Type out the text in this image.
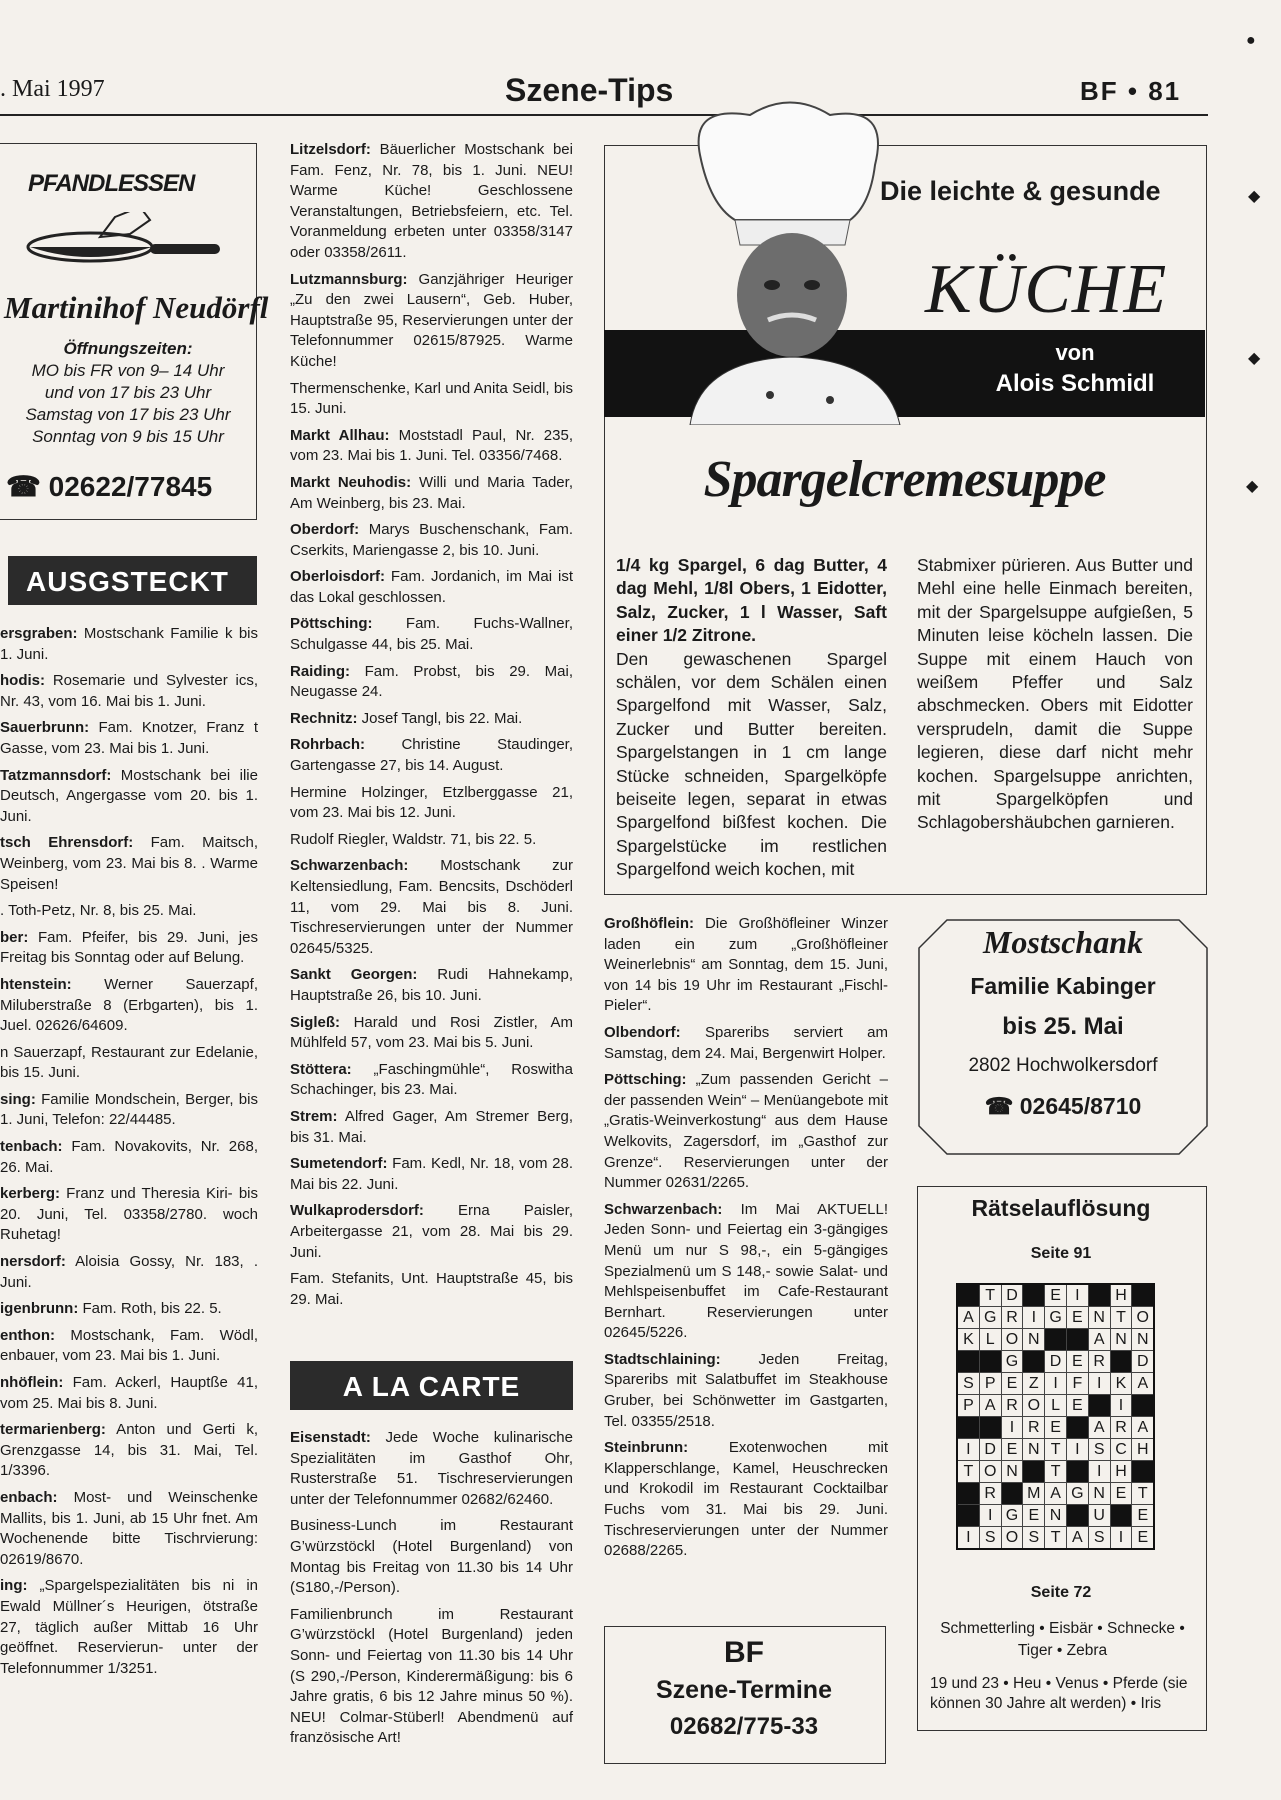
. Mai 1997	Szene-Tips	BF • 81
PFANDLESSEN
Martinihof Neudörfl
Öffnungszeiten:
MO bis FR von 9– 14 Uhr
und von 17 bis 23 Uhr
Samstag von 17 bis 23 Uhr
Sonntag von 9 bis 15 Uhr
☎ 02622/77845
AUSGSTECKT

ersgraben: Mostschank Familie k bis 1. Juni.

hodis: Rosemarie und Sylvester ics, Nr. 43, vom 16. Mai bis 1. Juni.

Sauerbrunn: Fam. Knotzer, Franz t Gasse, vom 23. Mai bis 1. Juni.

Tatzmannsdorf: Mostschank bei ilie Deutsch, Angergasse vom 20. bis 1. Juni.

tsch Ehrensdorf: Fam. Maitsch, Weinberg, vom 23. Mai bis 8. . Warme Speisen!

. Toth-Petz, Nr. 8, bis 25. Mai.

ber: Fam. Pfeifer, bis 29. Juni, jes Freitag bis Sonntag oder auf Belung.

htenstein: Werner Sauerzapf, Miluberstraße 8 (Erbgarten), bis 1. Juel. 02626/64609.

n Sauerzapf, Restaurant zur Edelanie, bis 15. Juni.

sing: Familie Mondschein, Berger, bis 1. Juni, Telefon: 22/44485.

tenbach: Fam. Novakovits, Nr. 268, 26. Mai.

kerberg: Franz und Theresia Kiri- bis 20. Juni, Tel. 03358/2780. woch Ruhetag!

nersdorf: Aloisia Gossy, Nr. 183, . Juni.

igenbrunn: Fam. Roth, bis 22. 5.

enthon: Mostschank, Fam. Wödl, enbauer, vom 23. Mai bis 1. Juni.

nhöflein: Fam. Ackerl, Hauptße 41, vom 25. Mai bis 8. Juni.

termarienberg: Anton und Gerti k, Grenzgasse 14, bis 31. Mai, Tel. 1/3396.

enbach: Most- und Weinschenke Mallits, bis 1. Juni, ab 15 Uhr fnet. Am Wochenende bitte Tischrvierung: 02619/8670.

ing: „Spargelspezialitäten bis ni in Ewald Müllner´s Heurigen, ötstraße 27, täglich außer Mittab 16 Uhr geöffnet. Reservierun- unter der Telefonnummer 1/3251.

Litzelsdorf: Bäuerlicher Mostschank bei Fam. Fenz, Nr. 78, bis 1. Juni. NEU! Warme Küche! Geschlossene Veranstaltungen, Betriebsfeiern, etc. Tel. Voranmeldung erbeten unter 03358/3147 oder 03358/2611.

Lutzmannsburg: Ganzjähriger Heuriger „Zu den zwei Lausern“, Geb. Huber, Hauptstraße 95, Reservierungen unter der Telefonnummer 02615/87925. Warme Küche!

Thermenschenke, Karl und Anita Seidl, bis 15. Juni.

Markt Allhau: Moststadl Paul, Nr. 235, vom 23. Mai bis 1. Juni. Tel. 03356/7468.

Markt Neuhodis: Willi und Maria Tader, Am Weinberg, bis 23. Mai.

Oberdorf: Marys Buschenschank, Fam. Cserkits, Mariengasse 2, bis 10. Juni.

Oberloisdorf: Fam. Jordanich, im Mai ist das Lokal geschlossen.

Pöttsching: Fam. Fuchs-Wallner, Schulgasse 44, bis 25. Mai.

Raiding: Fam. Probst, bis 29. Mai, Neugasse 24.

Rechnitz: Josef Tangl, bis 22. Mai.

Rohrbach: Christine Staudinger, Gartengasse 27, bis 14. August.

Hermine Holzinger, Etzlberggasse 21, vom 23. Mai bis 12. Juni.

Rudolf Riegler, Waldstr. 71, bis 22. 5.

Schwarzenbach: Mostschank zur Keltensiedlung, Fam. Bencsits, Dschöderl 11, vom 29. Mai bis 8. Juni. Tischreservierungen unter der Nummer 02645/5325.

Sankt Georgen: Rudi Hahnekamp, Hauptstraße 26, bis 10. Juni.

Sigleß: Harald und Rosi Zistler, Am Mühlfeld 57, vom 23. Mai bis 5. Juni.

Stöttera: „Faschingmühle“, Roswitha Schachinger, bis 23. Mai.

Strem: Alfred Gager, Am Stremer Berg, bis 31. Mai.

Sumetendorf: Fam. Kedl, Nr. 18, vom 28. Mai bis 22. Juni.

Wulkaprodersdorf: Erna Paisler, Arbeitergasse 21, vom 28. Mai bis 29. Juni.

Fam. Stefanits, Unt. Hauptstraße 45, bis 29. Mai.

A LA CARTE

Eisenstadt: Jede Woche kulinarische Spezialitäten im Gasthof Ohr, Rusterstraße 51. Tischreservierungen unter der Telefonnummer 02682/62460.

Business-Lunch im Restaurant G’würzstöckl (Hotel Burgenland) von Montag bis Freitag von 11.30 bis 14 Uhr (S180,-/Person).

Familienbrunch im Restaurant G’würzstöckl (Hotel Burgenland) jeden Sonn- und Feiertag von 11.30 bis 14 Uhr (S 290,-/Person, Kinderermäßigung: bis 6 Jahre gratis, 6 bis 12 Jahre minus 50 %). NEU! Colmar-Stüberl! Abendmenü auf französische Art!

Großhöflein: Die Großhöfleiner Winzer laden ein zum „Großhöfleiner Weinerlebnis“ am Sonntag, dem 15. Juni, von 14 bis 19 Uhr im Restaurant „Fischl-Pieler“.

Olbendorf: Spareribs serviert am Samstag, dem 24. Mai, Bergenwirt Holper.

Pöttsching: „Zum passenden Gericht – der passenden Wein“ – Menüangebote mit „Gratis-Weinverkostung“ aus dem Hause Welkovits, Zagersdorf, im „Gasthof zur Grenze“. Reservierungen unter der Nummer 02631/2265.

Schwarzenbach: Im Mai AKTUELL! Jeden Sonn- und Feiertag ein 3-gängiges Menü um nur S 98,-, ein 5-gängiges Spezialmenü um S 148,- sowie Salat- und Mehlspeisenbuffet im Cafe-Restaurant Bernhart. Reservierungen unter 02645/5226.

Stadtschlaining: Jeden Freitag, Spareribs mit Salatbuffet im Steakhouse Gruber, bei Schönwetter im Gastgarten, Tel. 03355/2518.

Steinbrunn: Exotenwochen mit Klapperschlange, Kamel, Heuschrecken und Krokodil im Restaurant Cocktailbar Fuchs vom 31. Mai bis 29. Juni. Tischreservierungen unter der Nummer 02688/2265.

Die leichte & gesunde
KÜCHE
von
Alois Schmidl
Spargelcremesuppe
1/4 kg Spargel, 6 dag Butter, 4 dag Mehl, 1/8l Obers, 1 Eidotter, Salz, Zucker, 1 l Wasser, Saft einer 1/2 Zitrone.
Den gewaschenen Spargel schälen, vor dem Schälen einen Spargelfond mit Wasser, Salz, Zucker und Butter bereiten. Spargelstangen in 1 cm lange Stücke schneiden, Spargelköpfe beiseite legen, separat in etwas Spargelfond bißfest kochen. Die Spargelstücke im restlichen Spargelfond weich kochen, mit
Stabmixer pürieren. Aus Butter und Mehl eine helle Einmach bereiten, mit der Spargelsuppe aufgießen, 5 Minuten leise köcheln lassen. Die Suppe mit einem Hauch von weißem Pfeffer und Salz abschmecken. Obers mit Eidotter versprudeln, damit die Suppe legieren, diese darf nicht mehr kochen. Spargelsuppe anrichten, mit Spargelköpfen und Schlagobershäubchen garnieren.
Mostschank
Familie Kabinger
bis 25. Mai
2802 Hochwolkersdorf
☎ 02645/8710
Rätselauflösung
Seite 91
	T	D		E	I		H	
A	G	R	I	G	E	N	T	O
K	L	O	N			A	N	N
		G		D	E	R		D
S	P	E	Z	I	F	I	K	A
P	A	R	O	L	E		I	
		I	R	E		A	R	A
I	D	E	N	T	I	S	C	H
T	O	N		T		I	H	
	R		M	A	G	N	E	T
	I	G	E	N		U		E
I	S	O	S	T	A	S	I	E
Seite 72
Schmetterling • Eisbär • Schnecke • Tiger • Zebra
19 und 23 • Heu • Venus • Pferde (sie können 30 Jahre alt werden) • Iris
BF
Szene-Termine
02682/775-33
●
◆
◆
◆
